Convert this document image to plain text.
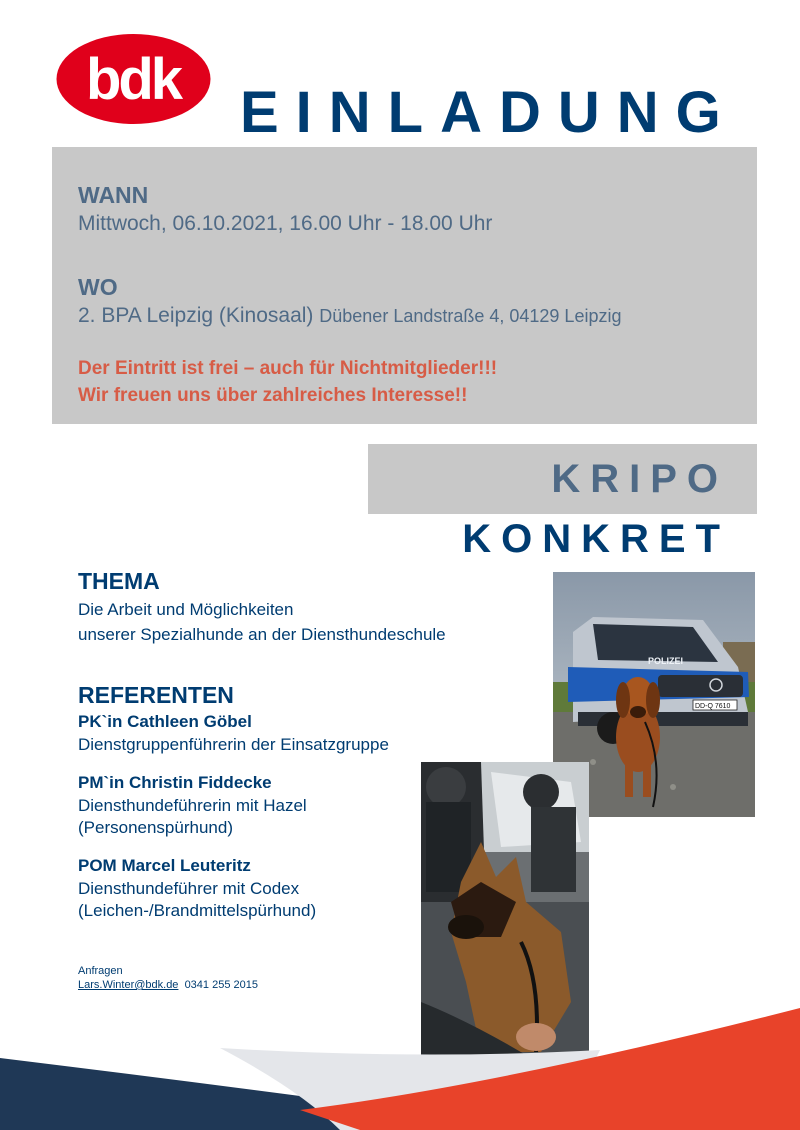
bdk
EINLADUNG
WANN
Mittwoch, 06.10.2021, 16.00 Uhr - 18.00 Uhr
WO
2. BPA Leipzig (Kinosaal) Dübener Landstraße 4, 04129 Leipzig
Der Eintritt ist frei – auch für Nichtmitglieder!!!
Wir freuen uns über zahlreiches Interesse!!
KRIPO
KONKRET
THEMA
Die Arbeit und Möglichkeiten
unserer Spezialhunde an der Diensthundeschule
REFERENTEN
PK`in Cathleen Göbel
Dienstgruppenführerin der Einsatzgruppe
PM`in Christin Fiddecke
Diensthundeführerin mit Hazel
(Personenspürhund)
POM Marcel Leuteritz
Diensthundeführer mit Codex
(Leichen-/Brandmittelspürhund)
Anfragen
Lars.Winter@bdk.de 0341 255 2015
POLIZEI
DD-Q 7610
